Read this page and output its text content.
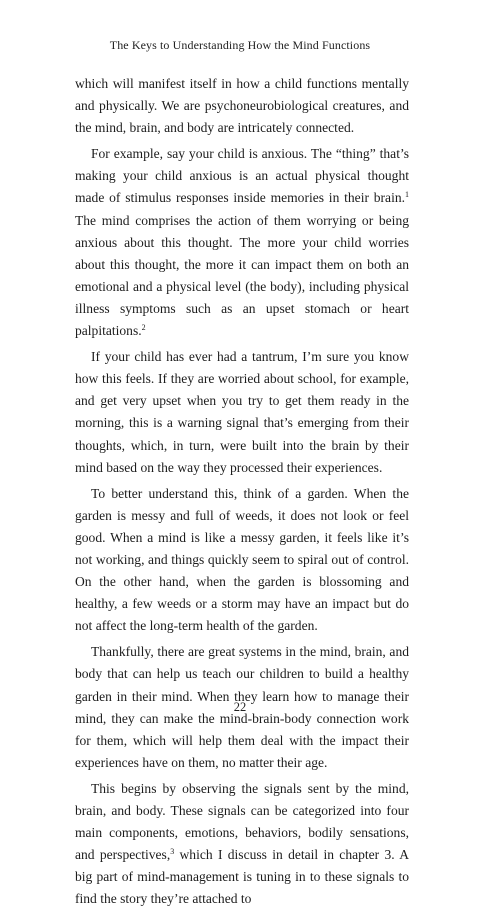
The Keys to Understanding How the Mind Functions

which will manifest itself in how a child functions mentally and physically. We are psychoneurobiological creatures, and the mind, brain, and body are intricately connected.

For example, say your child is anxious. The “thing” that’s making your child anxious is an actual physical thought made of stimulus responses inside memories in their brain.$^1$ The mind comprises the action of them worrying or being anxious about this thought. The more your child worries about this thought, the more it can impact them on both an emotional and a physical level (the body), including physical illness symptoms such as an upset stomach or heart palpitations.$^2$

If your child has ever had a tantrum, I’m sure you know how this feels. If they are worried about school, for example, and get very upset when you try to get them ready in the morning, this is a warning signal that’s emerging from their thoughts, which, in turn, were built into the brain by their mind based on the way they processed their experiences.

To better understand this, think of a garden. When the garden is messy and full of weeds, it does not look or feel good. When a mind is like a messy garden, it feels like it’s not working, and things quickly seem to spiral out of control. On the other hand, when the garden is blossoming and healthy, a few weeds or a storm may have an impact but do not affect the long-term health of the garden.

Thankfully, there are great systems in the mind, brain, and body that can help us teach our children to build a healthy garden in their mind. When they learn how to manage their mind, they can make the mind-brain-body connection work for them, which will help them deal with the impact their experiences have on them, no matter their age.

This begins by observing the signals sent by the mind, brain, and body. These signals can be categorized into four main components, emotions, behaviors, bodily sensations, and perspectives,$^3$ which I discuss in detail in chapter 3. A big part of mind-management is tuning in to these signals to find the story they’re attached to

22
